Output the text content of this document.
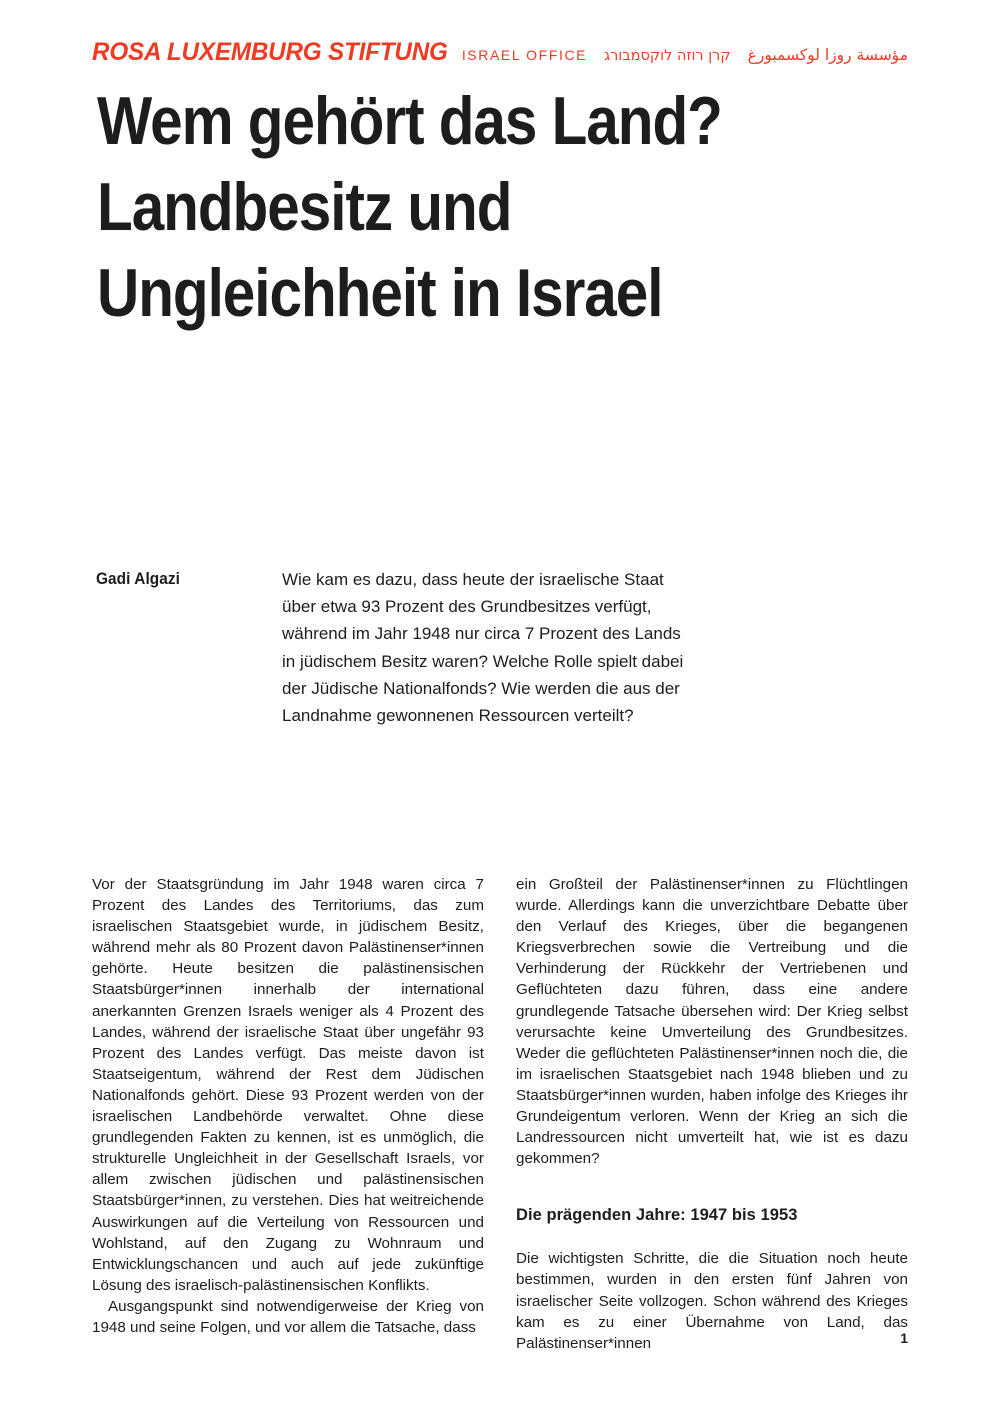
ROSA LUXEMBURG STIFTUNG ISRAEL OFFICE קרן רוזה לוקסמבורג مؤسسة روزا لوكسمبورغ
Wem gehört das Land?
Landbesitz und
Ungleichheit in Israel
Gadi Algazi	Wie kam es dazu, dass heute der israelische Staat über etwa 93 Prozent des Grundbesitzes verfügt, während im Jahr 1948 nur circa 7 Prozent des Lands in jüdischem Besitz waren? Welche Rolle spielt dabei der Jüdische Nationalfonds? Wie werden die aus der Landnahme gewonnenen Ressourcen verteilt?

Vor der Staatsgründung im Jahr 1948 waren circa 7 Prozent des Landes des Territoriums, das zum israelischen Staatsgebiet wurde, in jüdischem Besitz, während mehr als 80 Prozent davon Palästinenser*innen gehörte. Heute besitzen die palästinensischen Staatsbürger*innen innerhalb der international anerkannten Grenzen Israels weniger als 4 Prozent des Landes, während der israelische Staat über ungefähr 93 Prozent des Landes verfügt. Das meiste davon ist Staatseigentum, während der Rest dem Jüdischen Nationalfonds gehört. Diese 93 Prozent werden von der israelischen Landbehörde verwaltet. Ohne diese grundlegenden Fakten zu kennen, ist es unmöglich, die strukturelle Ungleichheit in der Gesellschaft Israels, vor allem zwischen jüdischen und palästinensischen Staatsbürger*innen, zu verstehen. Dies hat weitreichende Auswirkungen auf die Verteilung von Ressourcen und Wohlstand, auf den Zugang zu Wohnraum und Entwicklungschancen und auch auf jede zukünftige Lösung des israelisch-palästinensischen Konflikts.

Ausgangspunkt sind notwendigerweise der Krieg von 1948 und seine Folgen, und vor allem die Tatsache, dass

ein Großteil der Palästinenser*innen zu Flüchtlingen wurde. Allerdings kann die unverzichtbare Debatte über den Verlauf des Krieges, über die begangenen Kriegsverbrechen sowie die Vertreibung und die Verhinderung der Rückkehr der Vertriebenen und Geflüchteten dazu führen, dass eine andere grundlegende Tatsache übersehen wird: Der Krieg selbst verursachte keine Umverteilung des Grundbesitzes. Weder die geflüchteten Palästinenser*innen noch die, die im israelischen Staatsgebiet nach 1948 blieben und zu Staatsbürger*innen wurden, haben infolge des Krieges ihr Grundeigentum verloren. Wenn der Krieg an sich die Landressourcen nicht umverteilt hat, wie ist es dazu gekommen?

Die prägenden Jahre: 1947 bis 1953

Die wichtigsten Schritte, die die Situation noch heute bestimmen, wurden in den ersten fünf Jahren von israelischer Seite vollzogen. Schon während des Krieges kam es zu einer Übernahme von Land, das Palästinenser*innen	1
